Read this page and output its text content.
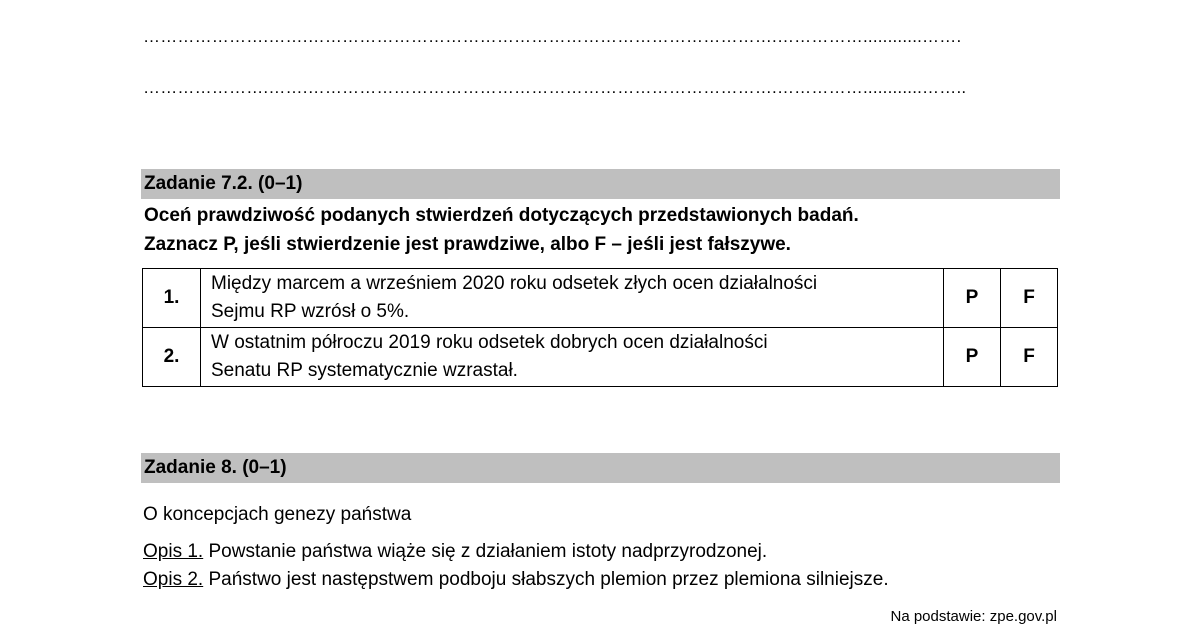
………………….…….……………………………………………………………………….……………............…….
………………….…….……………………………………………………………………….……………............……..
Zadanie 7.2. (0–1)
Oceń prawdziwość podanych stwierdzeń dotyczących przedstawionych badań.
Zaznacz P, jeśli stwierdzenie jest prawdziwe, albo F – jeśli jest fałszywe.
1.	Między marcem a wrześniem 2020 roku odsetek złych ocen działalności
Sejmu RP wzrósł o 5%.	P	F
2.	W ostatnim półroczu 2019 roku odsetek dobrych ocen działalności
Senatu RP systematycznie wzrastał.	P	F
Zadanie 8. (0–1)
O koncepcjach genezy państwa
Opis 1. Powstanie państwa wiąże się z działaniem istoty nadprzyrodzonej.
Opis 2. Państwo jest następstwem podboju słabszych plemion przez plemiona silniejsze.
Na podstawie: zpe.gov.pl
